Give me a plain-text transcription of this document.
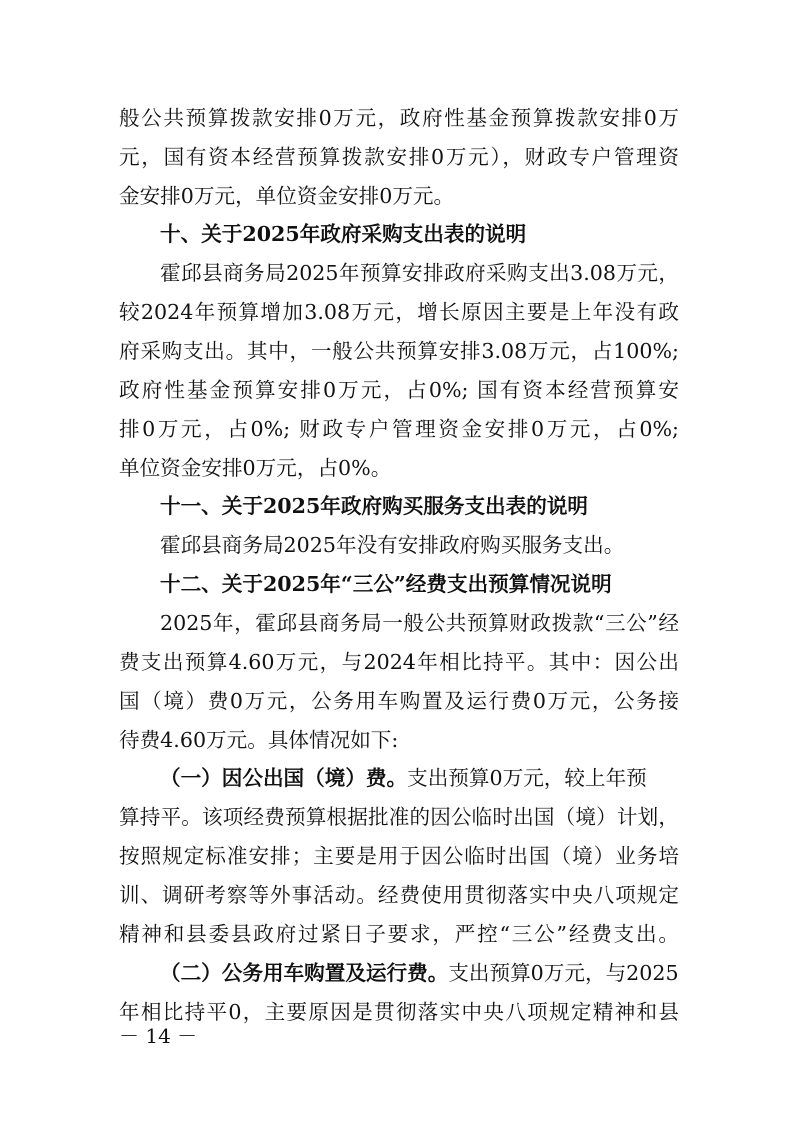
般公共预算拨款安排0万元，政府性基金预算拨款安排0万
元，国有资本经营预算拨款安排0万元），财政专户管理资
金安排0万元，单位资金安排0万元。
十、关于2025年政府采购支出表的说明
霍邱县商务局2025年预算安排政府采购支出3.08万元，
较2024年预算增加3.08万元，增长原因主要是上年没有政
府采购支出。其中，一般公共预算安排3.08万元，占100%;
政府性基金预算安排0万元，占0%; 国有资本经营预算安
排0万元，占0%; 财政专户管理资金安排0万元，占0%;
单位资金安排0万元，占0%。
十一、关于2025年政府购买服务支出表的说明
霍邱县商务局2025年没有安排政府购买服务支出。
十二、关于2025年“三公”经费支出预算情况说明
2025年，霍邱县商务局一般公共预算财政拨款“三公”经
费支出预算4.60万元，与2024年相比持平。其中：因公出
国（境）费0万元，公务用车购置及运行费0万元，公务接
待费4.60万元。具体情况如下:
（一）因公出国（境）费。支出预算0万元，较上年预
算持平。该项经费预算根据批准的因公临时出国（境）计划，
按照规定标准安排；主要是用于因公临时出国（境）业务培
训、调研考察等外事活动。经费使用贯彻落实中央八项规定
精神和县委县政府过紧日子要求，严控“三公”经费支出。
（二）公务用车购置及运行费。支出预算0万元，与2025
年相比持平0，主要原因是贯彻落实中央八项规定精神和县
－ 14 －
